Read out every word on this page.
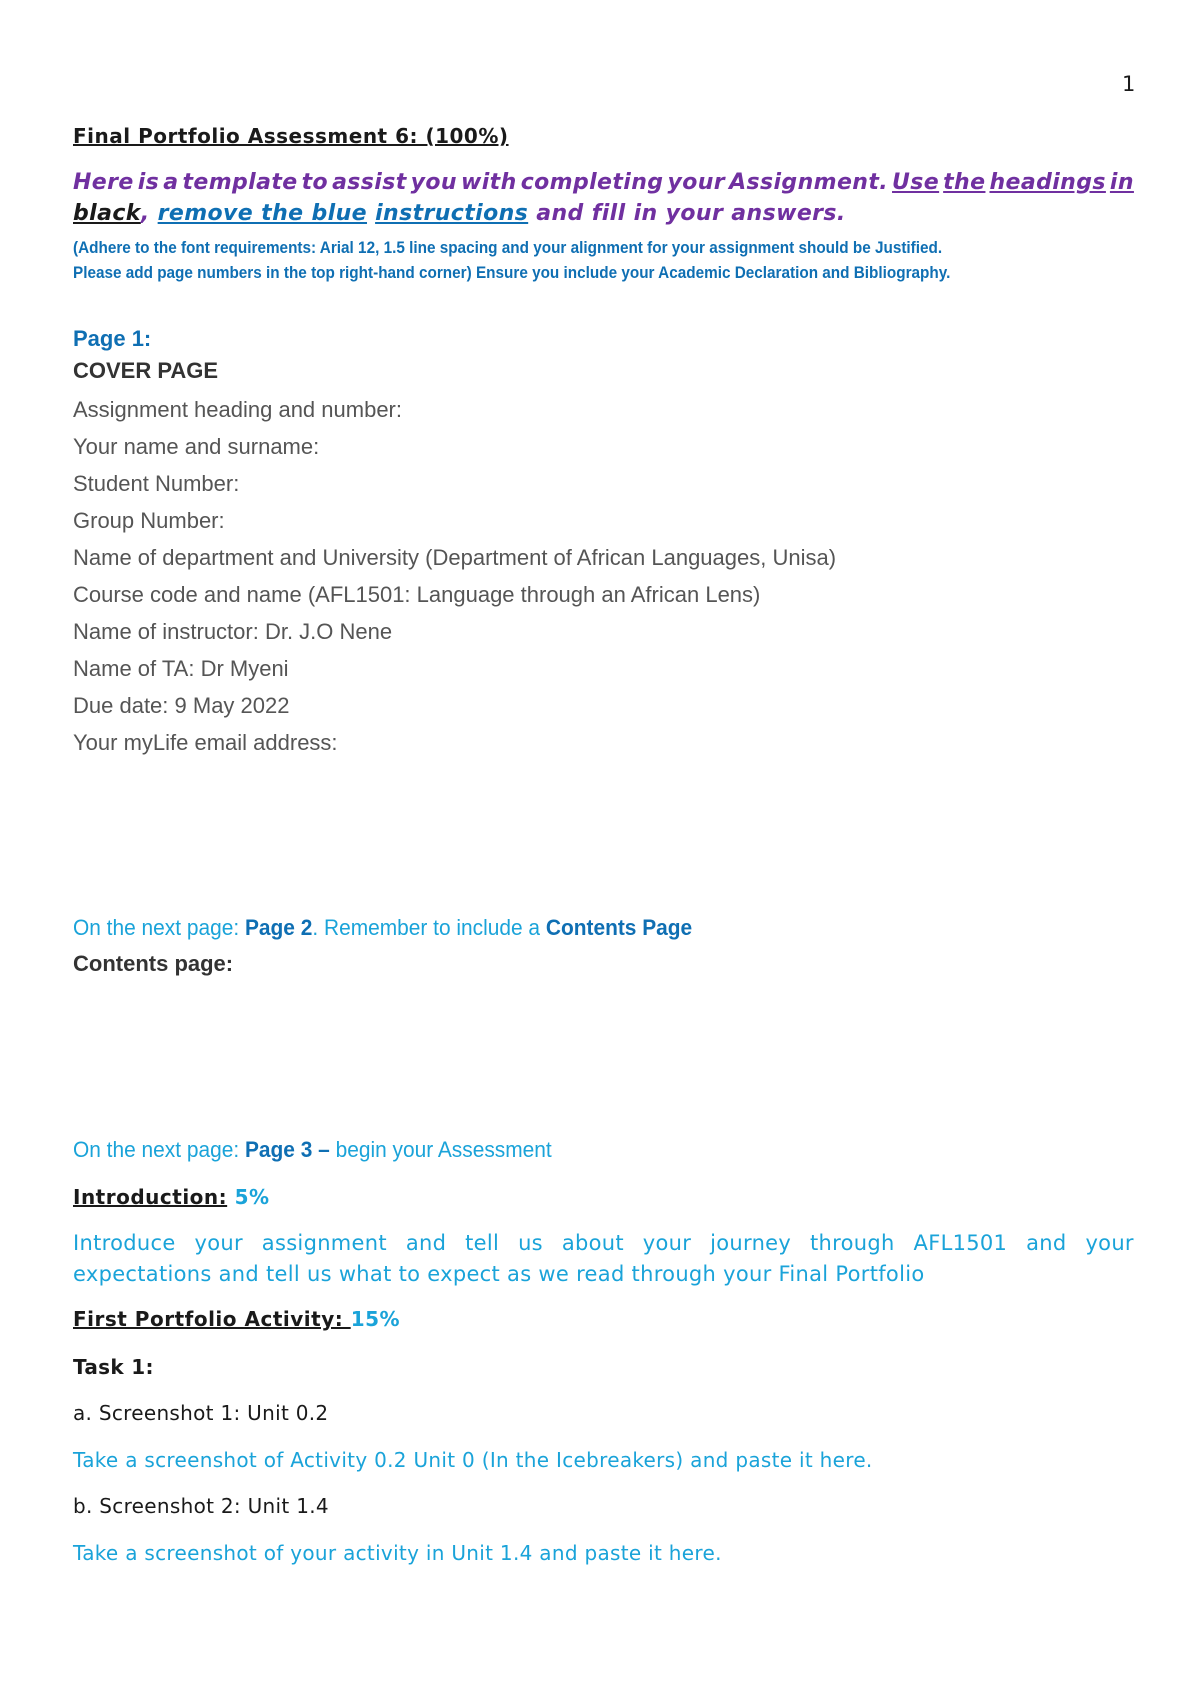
1
Final Portfolio Assessment 6: (100%)
Here is a template to assist you with completing your Assignment. Use the headings in
black, remove the blue instructions and fill in your answers.
(Adhere to the font requirements: Arial 12, 1.5 line spacing and your alignment for your assignment should be Justified.
Please add page numbers in the top right-hand corner) Ensure you include your Academic Declaration and Bibliography.
Page 1:
COVER PAGE
Assignment heading and number:
Your name and surname:
Student Number:
Group Number:
Name of department and University (Department of African Languages, Unisa)
Course code and name (AFL1501: Language through an African Lens)
Name of instructor: Dr. J.O Nene
Name of TA: Dr Myeni
Due date: 9 May 2022
Your myLife email address:
On the next page: Page 2. Remember to include a Contents Page
Contents page:
On the next page: Page 3 – begin your Assessment
Introduction: 5%
Introduce your assignment and tell us about your journey through AFL1501 and your
expectations and tell us what to expect as we read through your Final Portfolio
First Portfolio Activity: 15%
Task 1:
a. Screenshot 1: Unit 0.2
Take a screenshot of Activity 0.2 Unit 0 (In the Icebreakers) and paste it here.
b. Screenshot 2: Unit 1.4
Take a screenshot of your activity in Unit 1.4 and paste it here.
